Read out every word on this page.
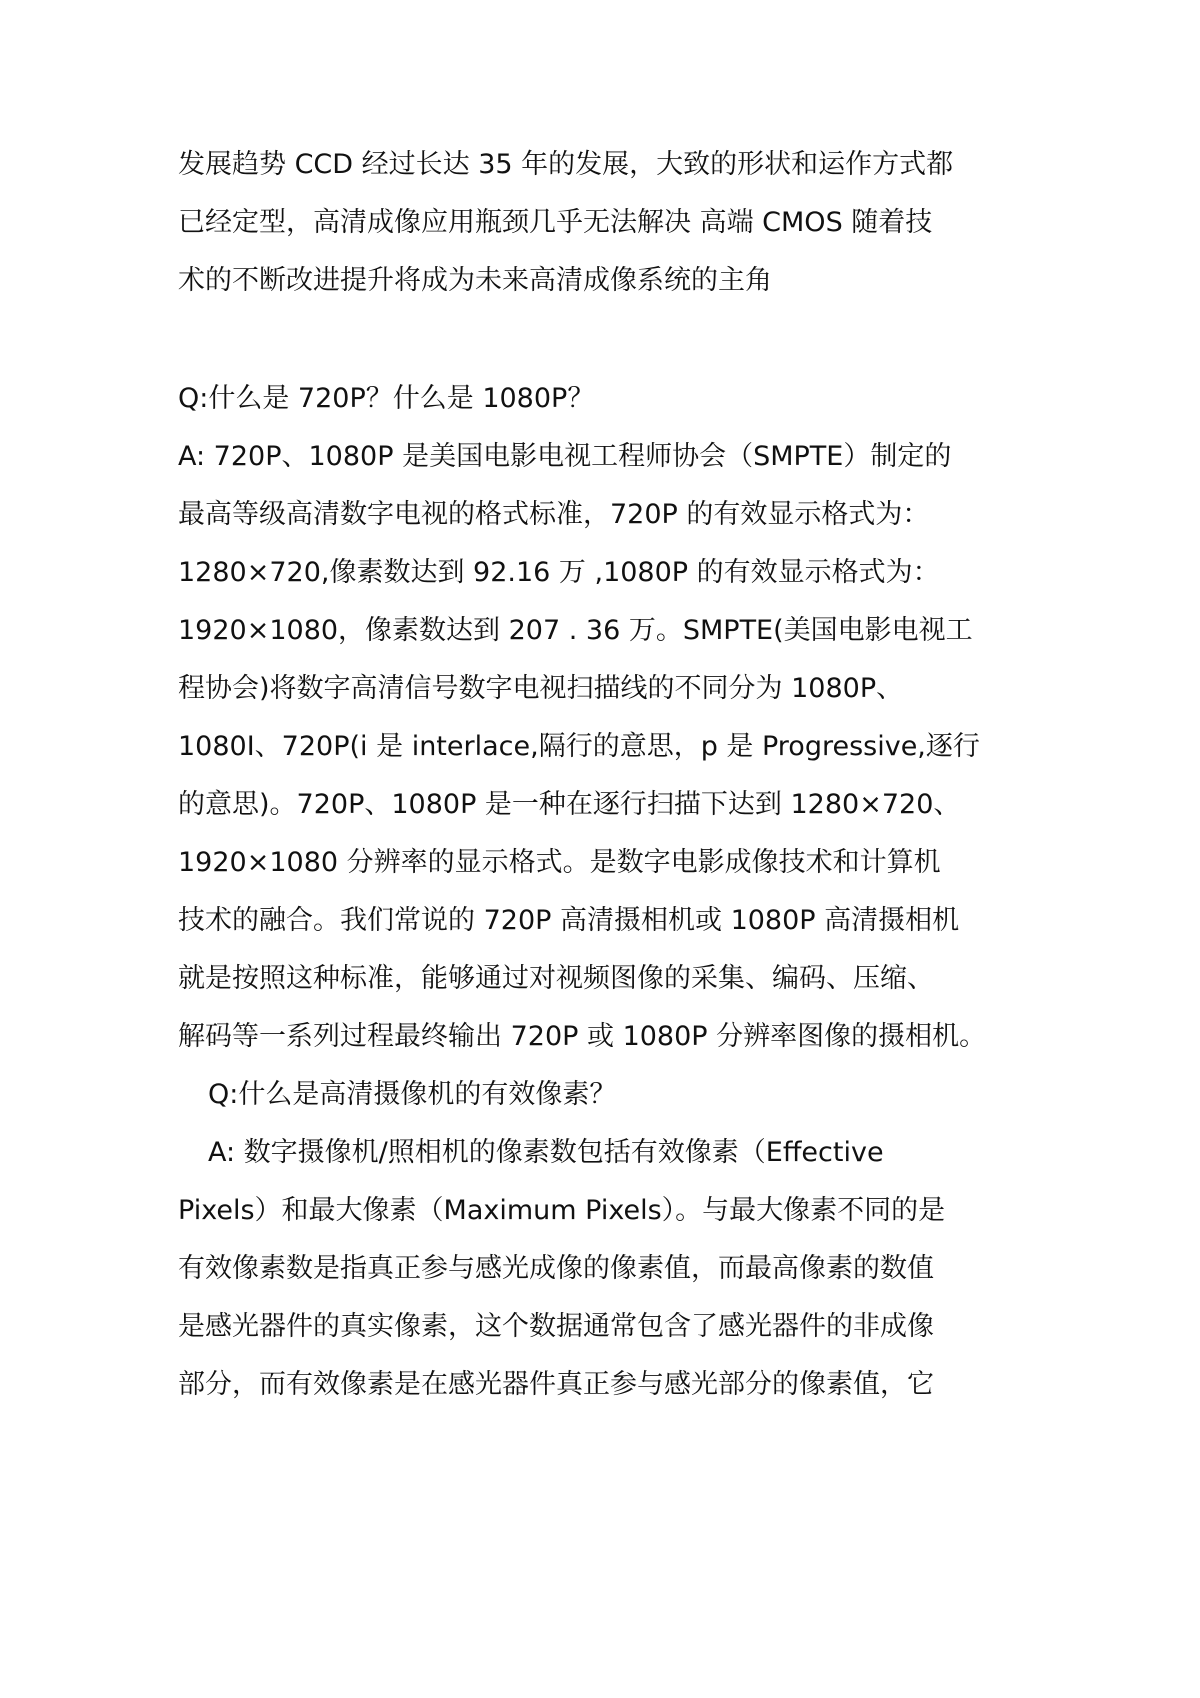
发展趋势 CCD 经过长达 35 年的发展，大致的形状和运作方式都
已经定型，高清成像应用瓶颈几乎无法解决 高端 CMOS 随着技
术的不断改进提升将成为未来高清成像系统的主角
Q:什么是 720P？什么是 1080P？
A: 720P、1080P 是美国电影电视工程师协会（SMPTE）制定的
最高等级高清数字电视的格式标准，720P 的有效显示格式为：
1280×720,像素数达到 92.16 万 ,1080P 的有效显示格式为：
1920×1080，像素数达到 207 . 36 万。SMPTE(美国电影电视工
程协会)将数字高清信号数字电视扫描线的不同分为 1080P、
1080I、720P(i 是 interlace,隔行的意思，p 是 Progressive,逐行
的意思)。720P、1080P 是一种在逐行扫描下达到 1280×720、
1920×1080 分辨率的显示格式。是数字电影成像技术和计算机
技术的融合。我们常说的 720P 高清摄相机或 1080P 高清摄相机
就是按照这种标准，能够通过对视频图像的采集、编码、压缩、
解码等一系列过程最终输出 720P 或 1080P 分辨率图像的摄相机。
Q:什么是高清摄像机的有效像素？
A: 数字摄像机/照相机的像素数包括有效像素（Effective
Pixels）和最大像素（Maximum Pixels）。与最大像素不同的是
有效像素数是指真正参与感光成像的像素值，而最高像素的数值
是感光器件的真实像素，这个数据通常包含了感光器件的非成像
部分，而有效像素是在感光器件真正参与感光部分的像素值，它
